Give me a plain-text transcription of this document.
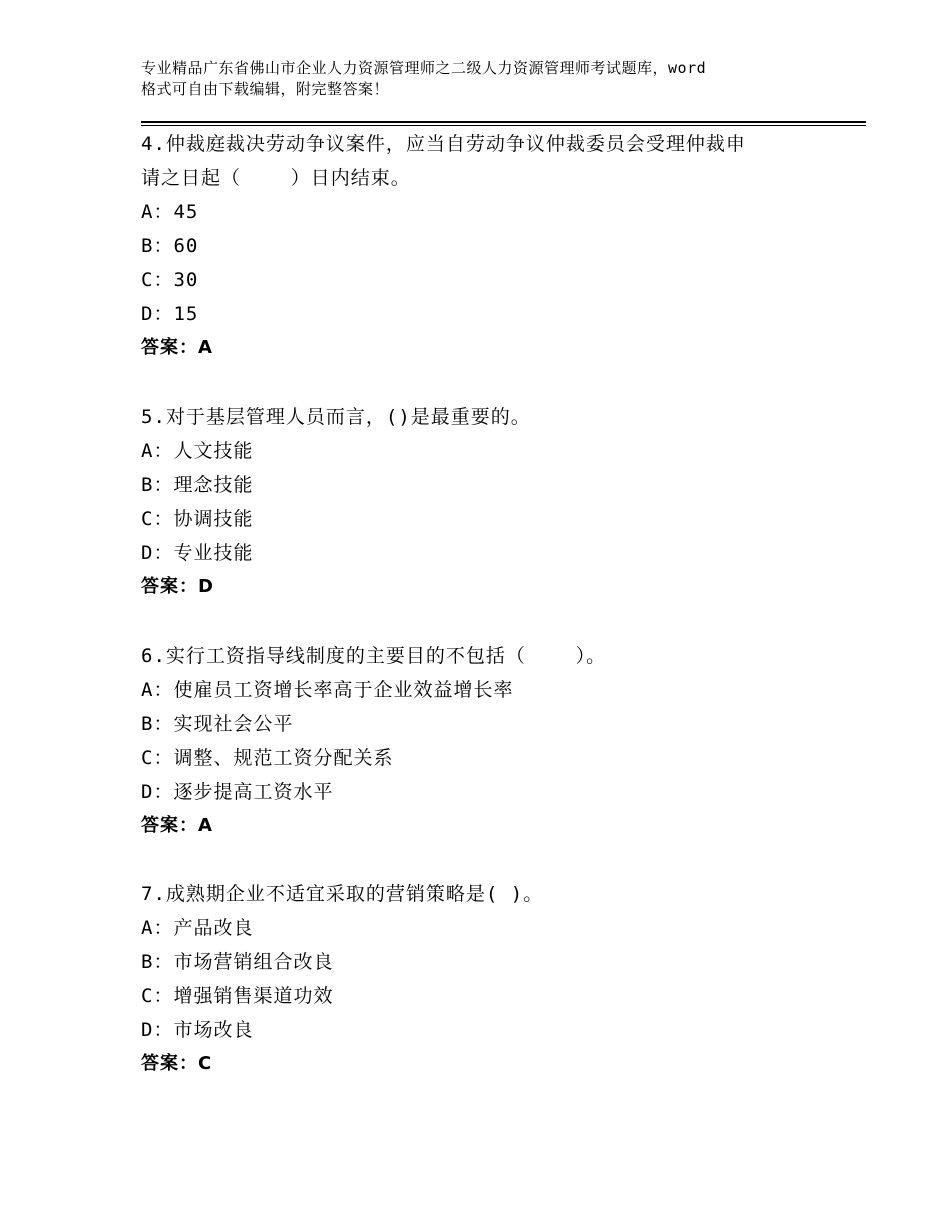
专业精品广东省佛山市企业人力资源管理师之二级人力资源管理师考试题库，word
格式可自由下载编辑，附完整答案！
4.仲裁庭裁决劳动争议案件，应当自劳动争议仲裁委员会受理仲裁申
请之日起（    ）日内结束。
A：45
B：60
C：30
D：15
答案：A
5.对于基层管理人员而言，()是最重要的。
A：人文技能
B：理念技能
C：协调技能
D：专业技能
答案：D
6.实行工资指导线制度的主要目的不包括（    ）。
A：使雇员工资增长率高于企业效益增长率
B：实现社会公平
C：调整、规范工资分配关系
D：逐步提高工资水平
答案：A
7.成熟期企业不适宜采取的营销策略是( )。
A：产品改良
B：市场营销组合改良
C：增强销售渠道功效
D：市场改良
答案：C
